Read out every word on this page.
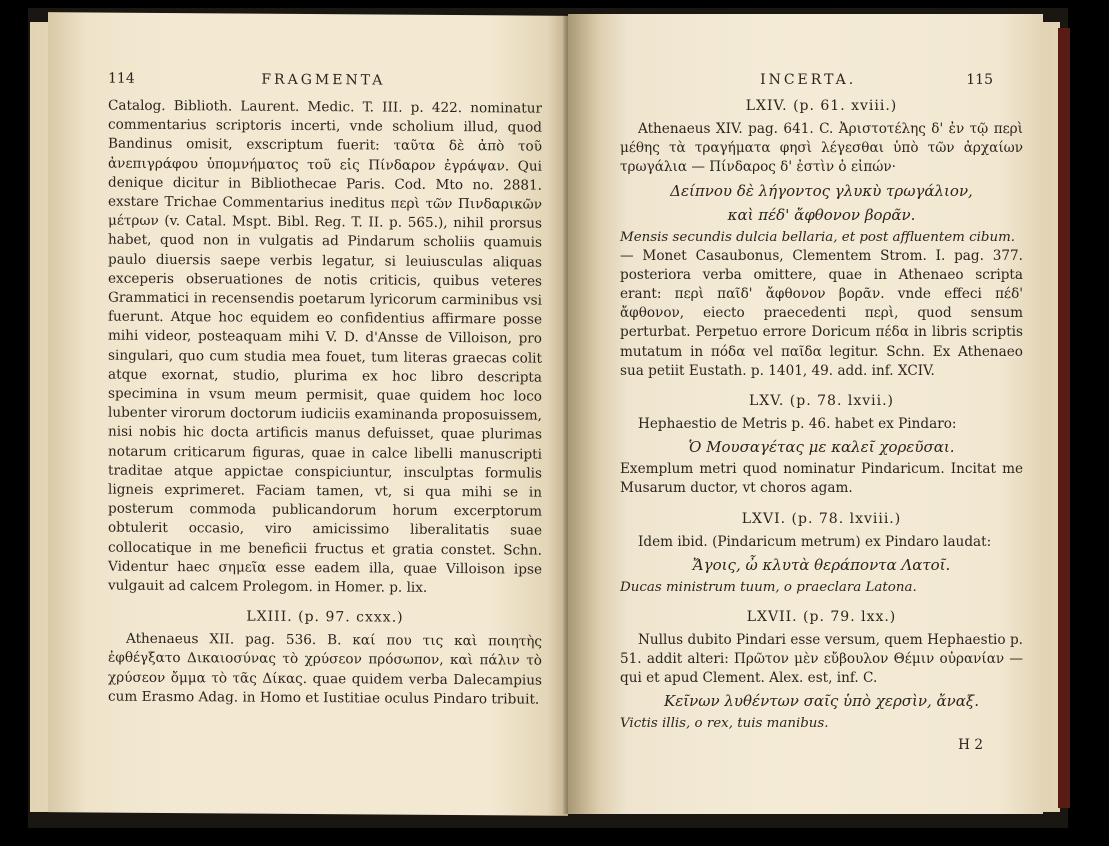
114	FRAGMENTA

Catalog. Biblioth. Laurent. Medic. T. III. p. 422. nominatur commentarius scriptoris incerti, vnde scholium illud, quod Bandinus omisit, exscriptum fuerit: ταῦτα δὲ ἀπὸ τοῦ ἀνεπιγράφου ὑπομνήματος τοῦ εἰς Πίνδαρον ἐγράψαν. Qui denique dicitur in Bibliothecae Paris. Cod. Mto no. 2881. exstare Trichae Commentarius ineditus περὶ τῶν Πινδαρικῶν μέτρων (v. Catal. Mspt. Bibl. Reg. T. II. p. 565.), nihil prorsus habet, quod non in vulgatis ad Pindarum scholiis quamuis paulo diuersis saepe verbis legatur, si leuiusculas aliquas exceperis obseruationes de notis criticis, quibus veteres Grammatici in recensendis poetarum lyricorum carminibus vsi fuerunt. Atque hoc equidem eo confidentius affirmare posse mihi videor, posteaquam mihi V. D. d'Ansse de Villoison, pro singulari, quo cum studia mea fouet, tum literas graecas colit atque exornat, studio, plurima ex hoc libro descripta specimina in vsum meum permisit, quae quidem hoc loco lubenter virorum doctorum iudiciis examinanda proposuissem, nisi nobis hic docta artificis manus defuisset, quae plurimas notarum criticarum figuras, quae in calce libelli manuscripti traditae atque appictae conspiciuntur, insculptas formulis ligneis exprimeret. Faciam tamen, vt, si qua mihi se in posterum commoda publicandorum horum excerptorum obtulerit occasio, viro amicissimo liberalitatis suae collocatique in me beneficii fructus et gratia constet. Schn. Videntur haec σημεῖα esse eadem illa, quae Villoison ipse vulgauit ad calcem Prolegom. in Homer. p. lix.

LXIII. (p. 97. cxxx.)

Athenaeus XII. pag. 536. B. καί που τις καὶ ποιητὴς ἐφθέγξατο Δικαιοσύνας τὸ χρύσεον πρόσωπον, καὶ πάλιν τὸ χρύσεον ὄμμα τὸ τᾶς Δίκας. quae quidem verba Dalecampius cum Erasmo Adag. in Homo et Iustitiae oculus Pindaro tribuit.

INCERTA.	115
LXIV. (p. 61. xviii.)

Athenaeus XIV. pag. 641. C. Ἀριστοτέλης δ' ἐν τῷ περὶ μέθης τὰ τραγήματα φησὶ λέγεσθαι ὑπὸ τῶν ἀρχαίων τρωγάλια — Πίνδαρος δ' ἐστὶν ὁ εἰπών·

Δείπνου δὲ λήγοντος γλυκὺ τρωγάλιον,
καὶ πέδ' ἄφθονον βορᾶν.

Mensis secundis dulcia bellaria, et post affluentem cibum.

— Monet Casaubonus, Clementem Strom. I. pag. 377. posteriora verba omittere, quae in Athenaeo scripta erant: περὶ παῖδ' ἄφθονον βορᾶν. vnde effeci πέδ' ἄφθονον, eiecto praecedenti περὶ, quod sensum perturbat. Perpetuo errore Doricum πέδα in libris scriptis mutatum in πόδα vel παῖδα legitur. Schn. Ex Athenaeo sua petiit Eustath. p. 1401, 49. add. inf. XCIV.

LXV. (p. 78. lxvii.)

Hephaestio de Metris p. 46. habet ex Pindaro:

Ὁ Μουσαγέτας με καλεῖ χορεῦσαι.

Exemplum metri quod nominatur Pindaricum. Incitat me Musarum ductor, vt choros agam.

LXVI. (p. 78. lxviii.)

Idem ibid. (Pindaricum metrum) ex Pindaro laudat:

Ἄγοις, ὦ κλυτὰ θεράποντα Λατοῖ.

Ducas ministrum tuum, o praeclara Latona.

LXVII. (p. 79. lxx.)

Nullus dubito Pindari esse versum, quem Hephaestio p. 51. addit alteri: Πρῶτον μὲν εὔβουλον Θέμιν οὐρανίαν — qui et apud Clement. Alex. est, inf. C.

Κεῖνων λυθέντων σαῖς ὑπὸ χερσὶν, ἄναξ.

Victis illis, o rex, tuis manibus.

H 2
